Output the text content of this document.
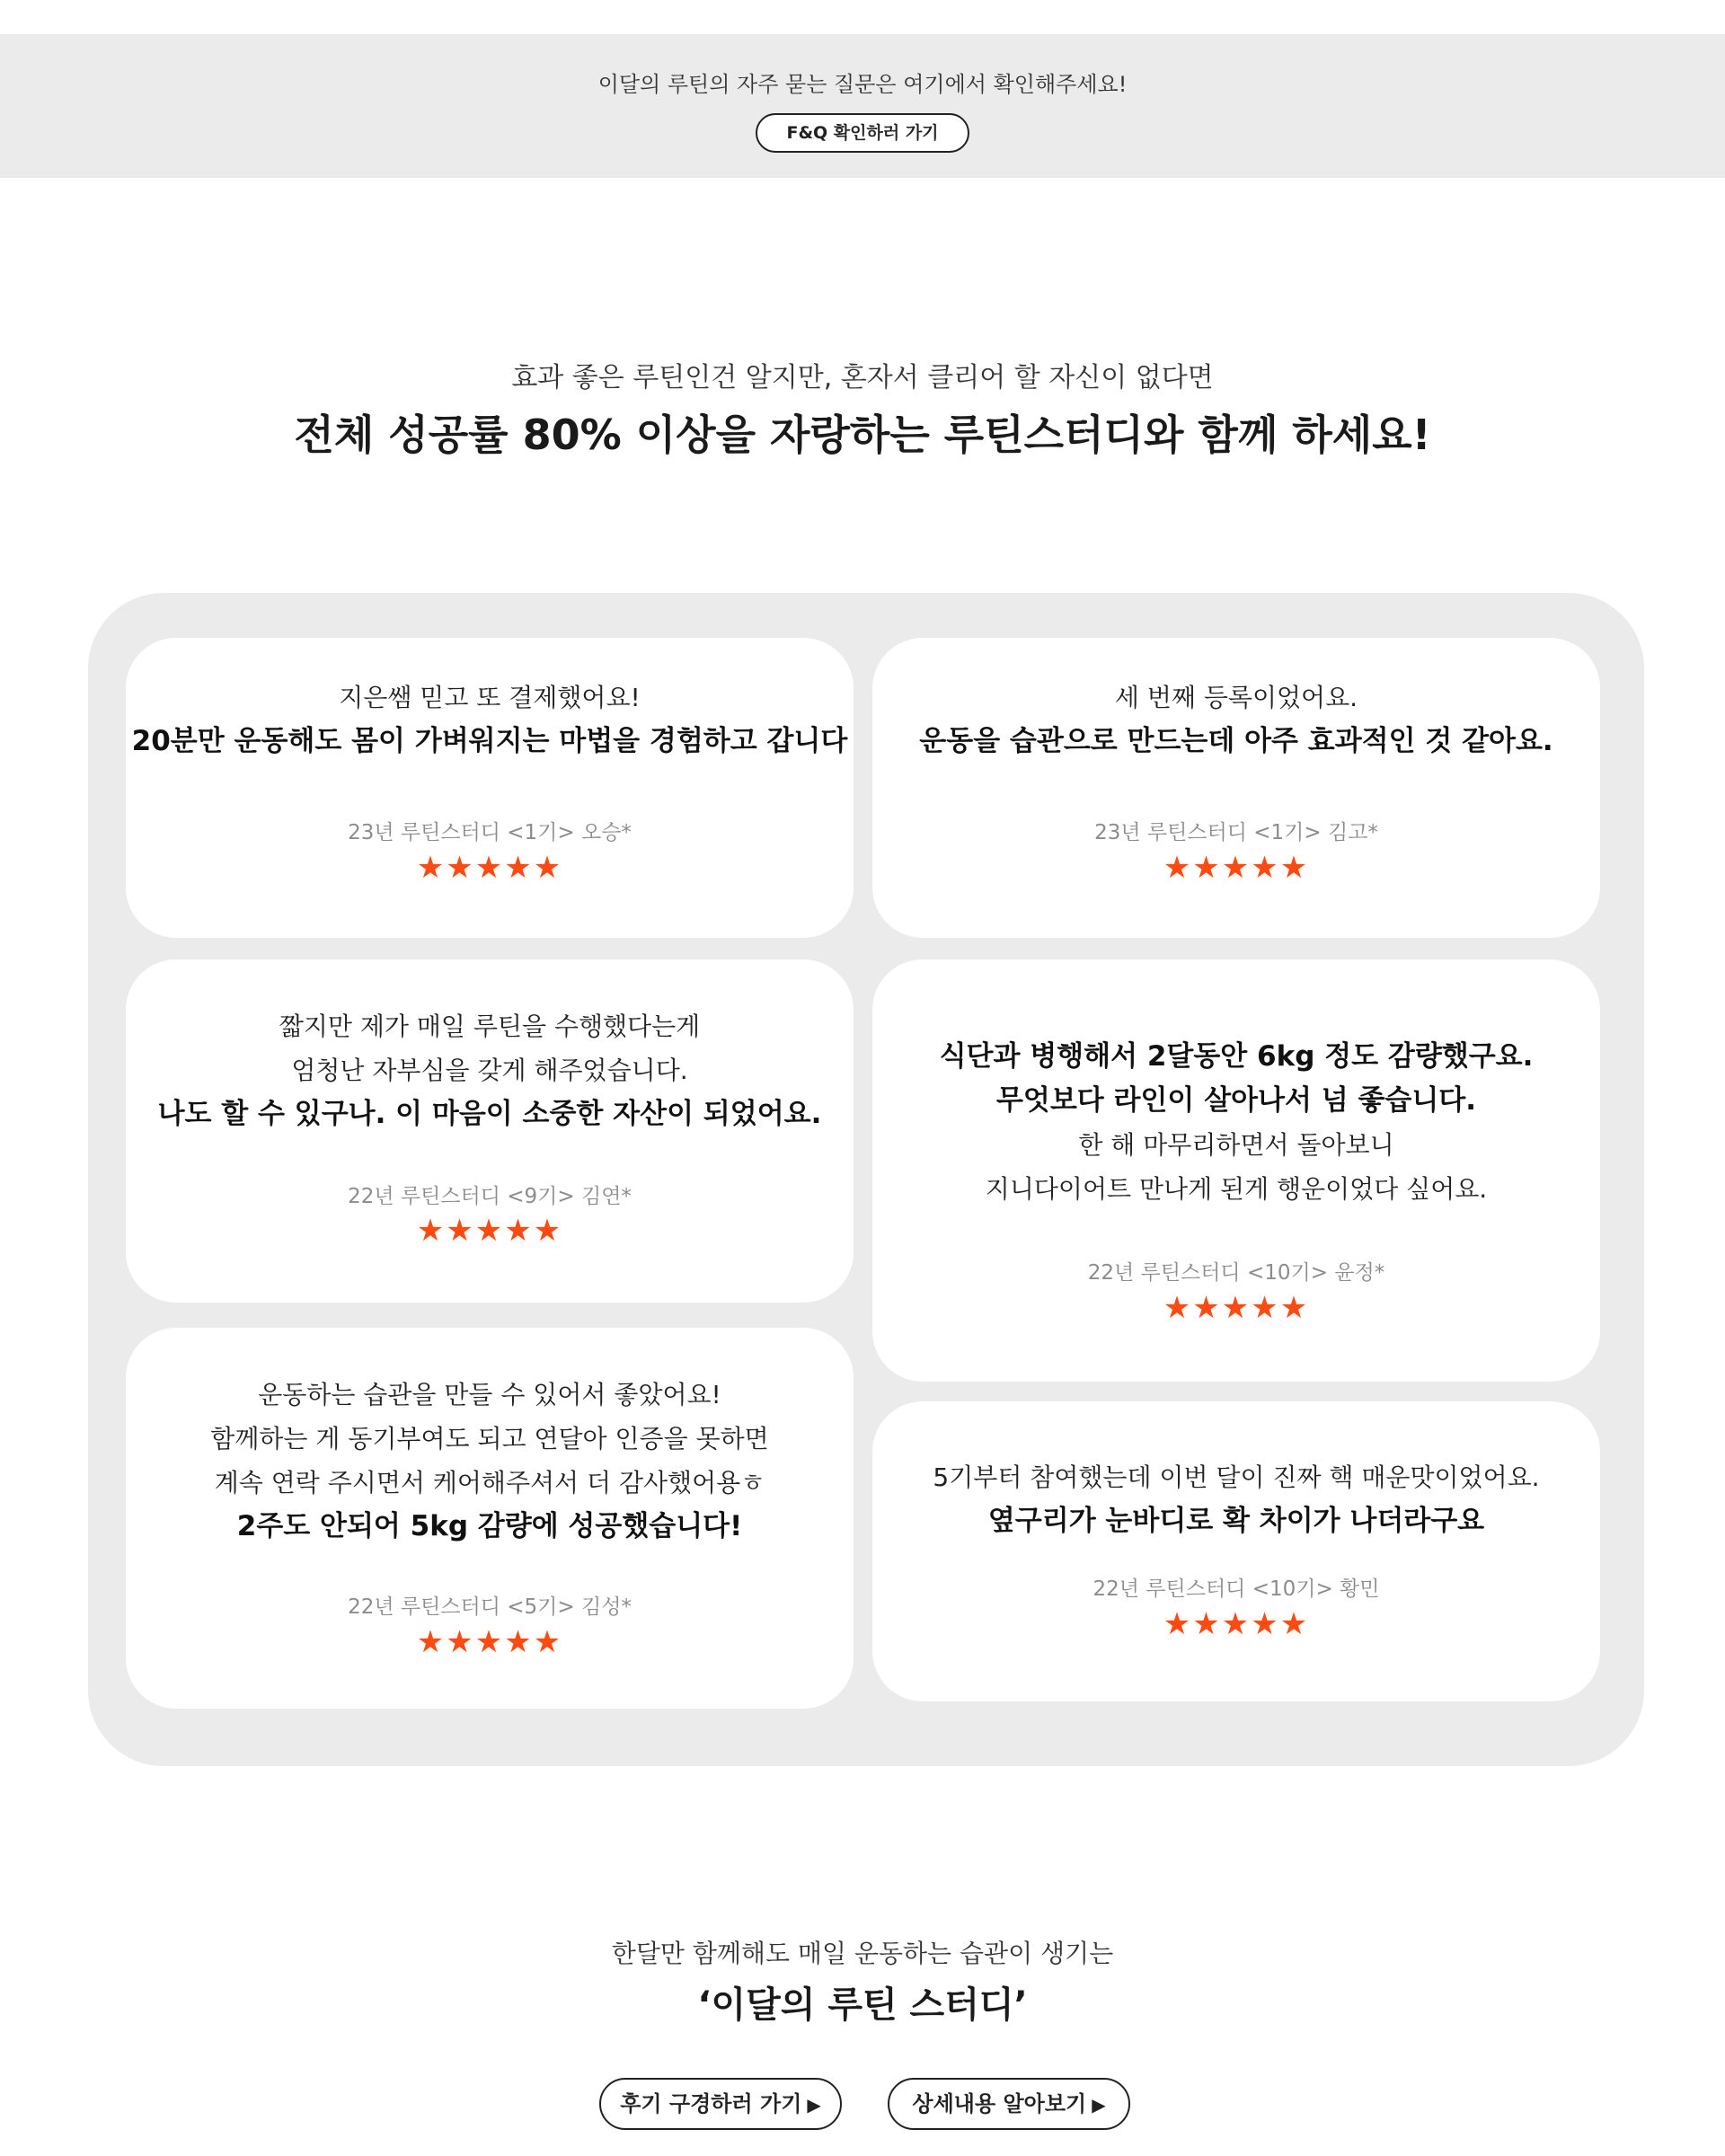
이달의 루틴의 자주 묻는 질문은 여기에서 확인해주세요!
F&Q 확인하러 가기
효과 좋은 루틴인건 알지만, 혼자서 클리어 할 자신이 없다면
전체 성공률 80% 이상을 자랑하는 루틴스터디와 함께 하세요!
지은쌤 믿고 또 결제했어요!
20분만 운동해도 몸이 가벼워지는 마법을 경험하고 갑니다
23년 루틴스터디 <1기> 오승*
★★★★★
세 번째 등록이었어요.
운동을 습관으로 만드는데 아주 효과적인 것 같아요.
23년 루틴스터디 <1기> 김고*
★★★★★
짧지만 제가 매일 루틴을 수행했다는게
엄청난 자부심을 갖게 해주었습니다.
나도 할 수 있구나. 이 마음이 소중한 자산이 되었어요.
22년 루틴스터디 <9기> 김연*
★★★★★
식단과 병행해서 2달동안 6kg 정도 감량했구요.
무엇보다 라인이 살아나서 넘 좋습니다.
한 해 마무리하면서 돌아보니
지니다이어트 만나게 된게 행운이었다 싶어요.
22년 루틴스터디 <10기> 윤정*
★★★★★
운동하는 습관을 만들 수 있어서 좋았어요!
함께하는 게 동기부여도 되고 연달아 인증을 못하면
계속 연락 주시면서 케어해주셔서 더 감사했어용ㅎ
2주도 안되어 5kg 감량에 성공했습니다!
22년 루틴스터디 <5기> 김성*
★★★★★
5기부터 참여했는데 이번 달이 진짜 핵 매운맛이었어요.
옆구리가 눈바디로 확 차이가 나더라구요
22년 루틴스터디 <10기> 황민
★★★★★
한달만 함께해도 매일 운동하는 습관이 생기는
‘이달의 루틴 스터디’
후기 구경하러 가기 ▶	상세내용 알아보기 ▶
